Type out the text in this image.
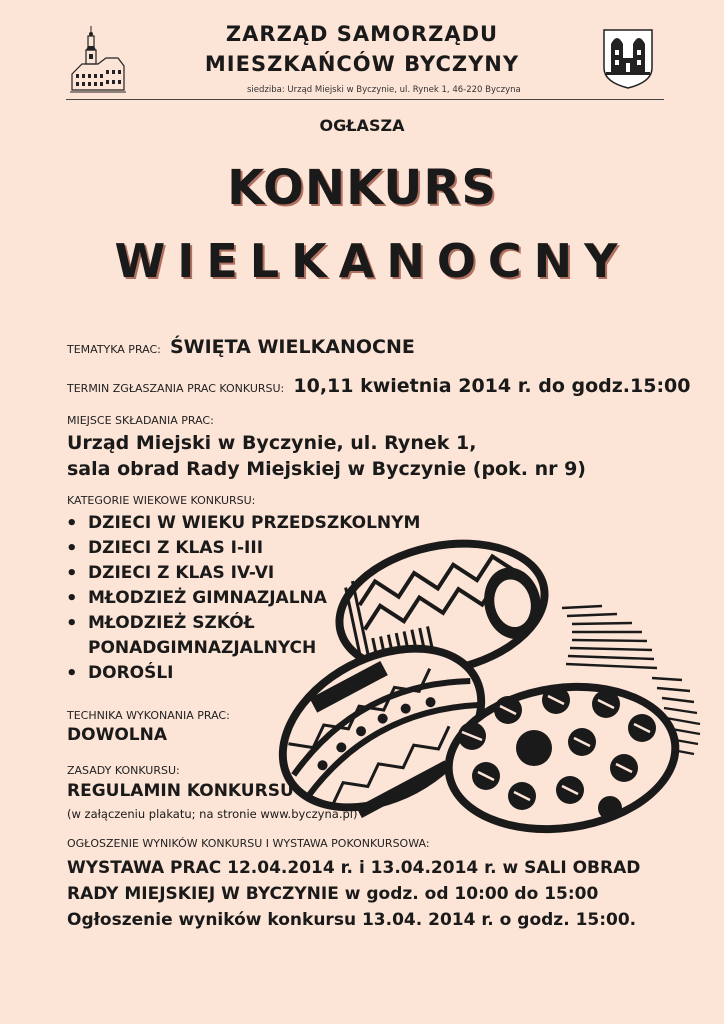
ZARZĄD SAMORZĄDU
MIESZKAŃCÓW BYCZYNY
siedziba: Urząd Miejski w Byczynie, ul. Rynek 1, 46-220 Byczyna
OGŁASZA
KONKURS
WIELKANOCNY
TEMATYKA PRAC: ŚWIĘTA WIELKANOCNE
TERMIN ZGŁASZANIA PRAC KONKURSU: 10,11 kwietnia 2014 r. do godz.15:00
MIEJSCE SKŁADANIA PRAC:
Urząd Miejski w Byczynie, ul. Rynek 1,
sala obrad Rady Miejskiej w Byczynie (pok. nr 9)
KATEGORIE WIEKOWE KONKURSU:
• DZIECI W WIEKU PRZEDSZKOLNYM
• DZIECI Z KLAS I-III
• DZIECI Z KLAS IV-VI
• MŁODZIEŻ GIMNAZJALNA
• MŁODZIEŻ SZKÓŁ PONADGIMNAZJALNYCH
• DOROŚLI
TECHNIKA WYKONANIA PRAC:
DOWOLNA
ZASADY KONKURSU:
REGULAMIN KONKURSU
(w załączeniu plakatu; na stronie www.byczyna.pl)
OGŁOSZENIE WYNIKÓW KONKURSU I WYSTAWA POKONKURSOWA:
WYSTAWA PRAC 12.04.2014 r. i 13.04.2014 r. w SALI OBRAD
RADY MIEJSKIEJ W BYCZYNIE w godz. od 10:00 do 15:00
Ogłoszenie wyników konkursu 13.04. 2014 r. o godz. 15:00.
